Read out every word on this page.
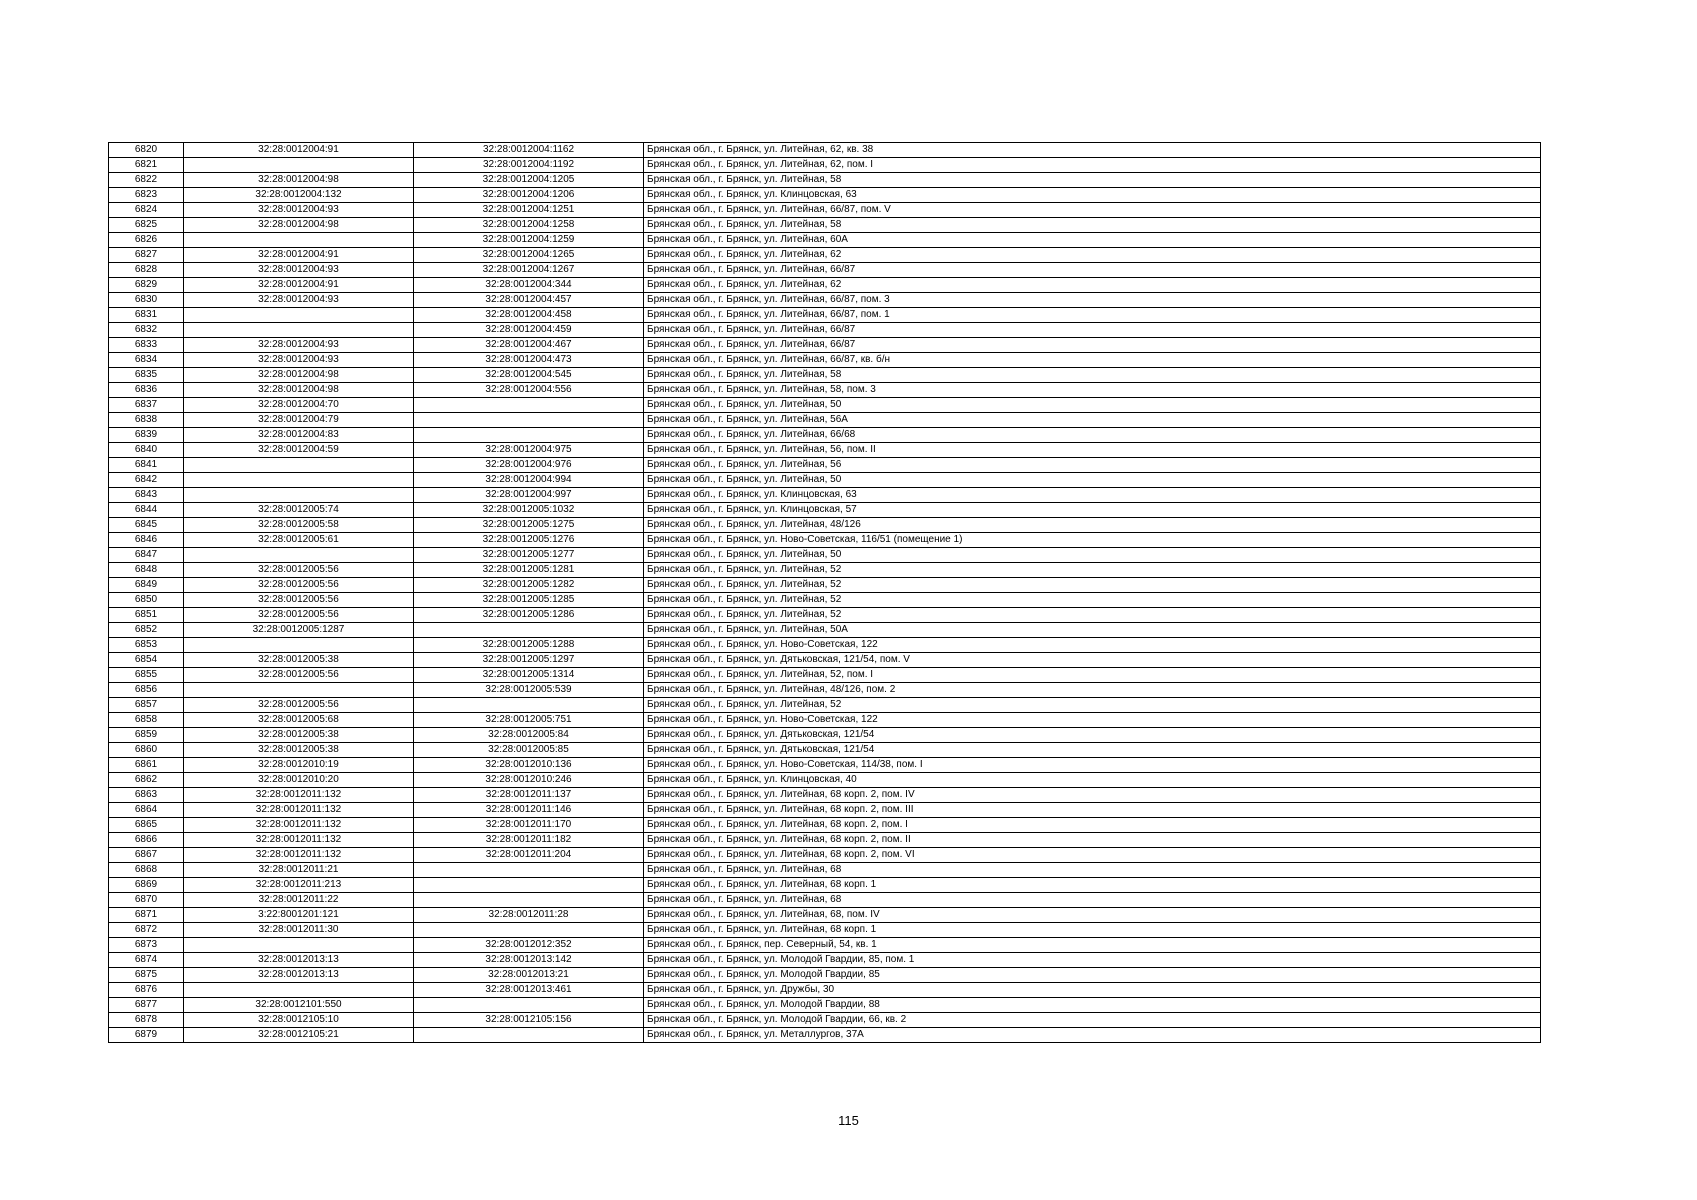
6820	32:28:0012004:91	32:28:0012004:1162	Брянская обл., г. Брянск, ул. Литейная, 62, кв. 38
6821		32:28:0012004:1192	Брянская обл., г. Брянск, ул. Литейная, 62, пом. I
6822	32:28:0012004:98	32:28:0012004:1205	Брянская обл., г. Брянск, ул. Литейная, 58
6823	32:28:0012004:132	32:28:0012004:1206	Брянская обл., г. Брянск, ул. Клинцовская, 63
6824	32:28:0012004:93	32:28:0012004:1251	Брянская обл., г. Брянск, ул. Литейная, 66/87, пом. V
6825	32:28:0012004:98	32:28:0012004:1258	Брянская обл., г. Брянск, ул. Литейная, 58
6826		32:28:0012004:1259	Брянская обл., г. Брянск, ул. Литейная, 60А
6827	32:28:0012004:91	32:28:0012004:1265	Брянская обл., г. Брянск, ул. Литейная, 62
6828	32:28:0012004:93	32:28:0012004:1267	Брянская обл., г. Брянск, ул. Литейная, 66/87
6829	32:28:0012004:91	32:28:0012004:344	Брянская обл., г. Брянск, ул. Литейная, 62
6830	32:28:0012004:93	32:28:0012004:457	Брянская обл., г. Брянск, ул. Литейная, 66/87, пом. 3
6831		32:28:0012004:458	Брянская обл., г. Брянск, ул. Литейная, 66/87, пом. 1
6832		32:28:0012004:459	Брянская обл., г. Брянск, ул. Литейная, 66/87
6833	32:28:0012004:93	32:28:0012004:467	Брянская обл., г. Брянск, ул. Литейная, 66/87
6834	32:28:0012004:93	32:28:0012004:473	Брянская обл., г. Брянск, ул. Литейная, 66/87, кв. б/н
6835	32:28:0012004:98	32:28:0012004:545	Брянская обл., г. Брянск, ул. Литейная, 58
6836	32:28:0012004:98	32:28:0012004:556	Брянская обл., г. Брянск, ул. Литейная, 58, пом. 3
6837	32:28:0012004:70		Брянская обл., г. Брянск, ул. Литейная, 50
6838	32:28:0012004:79		Брянская обл., г. Брянск, ул. Литейная, 56А
6839	32:28:0012004:83		Брянская обл., г. Брянск, ул. Литейная, 66/68
6840	32:28:0012004:59	32:28:0012004:975	Брянская обл., г. Брянск, ул. Литейная, 56, пом. II
6841		32:28:0012004:976	Брянская обл., г. Брянск, ул. Литейная, 56
6842		32:28:0012004:994	Брянская обл., г. Брянск, ул. Литейная, 50
6843		32:28:0012004:997	Брянская обл., г. Брянск, ул. Клинцовская, 63
6844	32:28:0012005:74	32:28:0012005:1032	Брянская обл., г. Брянск, ул. Клинцовская, 57
6845	32:28:0012005:58	32:28:0012005:1275	Брянская обл., г. Брянск, ул. Литейная, 48/126
6846	32:28:0012005:61	32:28:0012005:1276	Брянская обл., г. Брянск, ул. Ново-Советская, 116/51 (помещение 1)
6847		32:28:0012005:1277	Брянская обл., г. Брянск, ул. Литейная, 50
6848	32:28:0012005:56	32:28:0012005:1281	Брянская обл., г. Брянск, ул. Литейная, 52
6849	32:28:0012005:56	32:28:0012005:1282	Брянская обл., г. Брянск, ул. Литейная, 52
6850	32:28:0012005:56	32:28:0012005:1285	Брянская обл., г. Брянск, ул. Литейная, 52
6851	32:28:0012005:56	32:28:0012005:1286	Брянская обл., г. Брянск, ул. Литейная, 52
6852	32:28:0012005:1287		Брянская обл., г. Брянск, ул. Литейная, 50А
6853		32:28:0012005:1288	Брянская обл., г. Брянск, ул. Ново-Советская, 122
6854	32:28:0012005:38	32:28:0012005:1297	Брянская обл., г. Брянск, ул. Дятьковская, 121/54, пом. V
6855	32:28:0012005:56	32:28:0012005:1314	Брянская обл., г. Брянск, ул. Литейная, 52, пом. I
6856		32:28:0012005:539	Брянская обл., г. Брянск, ул. Литейная, 48/126, пом. 2
6857	32:28:0012005:56		Брянская обл., г. Брянск, ул. Литейная, 52
6858	32:28:0012005:68	32:28:0012005:751	Брянская обл., г. Брянск, ул. Ново-Советская, 122
6859	32:28:0012005:38	32:28:0012005:84	Брянская обл., г. Брянск, ул. Дятьковская, 121/54
6860	32:28:0012005:38	32:28:0012005:85	Брянская обл., г. Брянск, ул. Дятьковская, 121/54
6861	32:28:0012010:19	32:28:0012010:136	Брянская обл., г. Брянск, ул. Ново-Советская, 114/38, пом. I
6862	32:28:0012010:20	32:28:0012010:246	Брянская обл., г. Брянск, ул. Клинцовская, 40
6863	32:28:0012011:132	32:28:0012011:137	Брянская обл., г. Брянск, ул. Литейная, 68 корп. 2, пом. IV
6864	32:28:0012011:132	32:28:0012011:146	Брянская обл., г. Брянск, ул. Литейная, 68 корп. 2, пом. III
6865	32:28:0012011:132	32:28:0012011:170	Брянская обл., г. Брянск, ул. Литейная, 68 корп. 2, пом. I
6866	32:28:0012011:132	32:28:0012011:182	Брянская обл., г. Брянск, ул. Литейная, 68 корп. 2, пом. II
6867	32:28:0012011:132	32:28:0012011:204	Брянская обл., г. Брянск, ул. Литейная, 68 корп. 2, пом. VI
6868	32:28:0012011:21		Брянская обл., г. Брянск, ул. Литейная, 68
6869	32:28:0012011:213		Брянская обл., г. Брянск, ул. Литейная, 68 корп. 1
6870	32:28:0012011:22		Брянская обл., г. Брянск, ул. Литейная, 68
6871	3:22:8001201:121	32:28:0012011:28	Брянская обл., г. Брянск, ул. Литейная, 68, пом. IV
6872	32:28:0012011:30		Брянская обл., г. Брянск, ул. Литейная, 68 корп. 1
6873		32:28:0012012:352	Брянская обл., г. Брянск, пер. Северный, 54, кв. 1
6874	32:28:0012013:13	32:28:0012013:142	Брянская обл., г. Брянск, ул. Молодой Гвардии, 85, пом. 1
6875	32:28:0012013:13	32:28:0012013:21	Брянская обл., г. Брянск, ул. Молодой Гвардии, 85
6876		32:28:0012013:461	Брянская обл., г. Брянск, ул. Дружбы, 30
6877	32:28:0012101:550		Брянская обл., г. Брянск, ул. Молодой Гвардии, 88
6878	32:28:0012105:10	32:28:0012105:156	Брянская обл., г. Брянск, ул. Молодой Гвардии, 66, кв. 2
6879	32:28:0012105:21		Брянская обл., г. Брянск, ул. Металлургов, 37А
115
